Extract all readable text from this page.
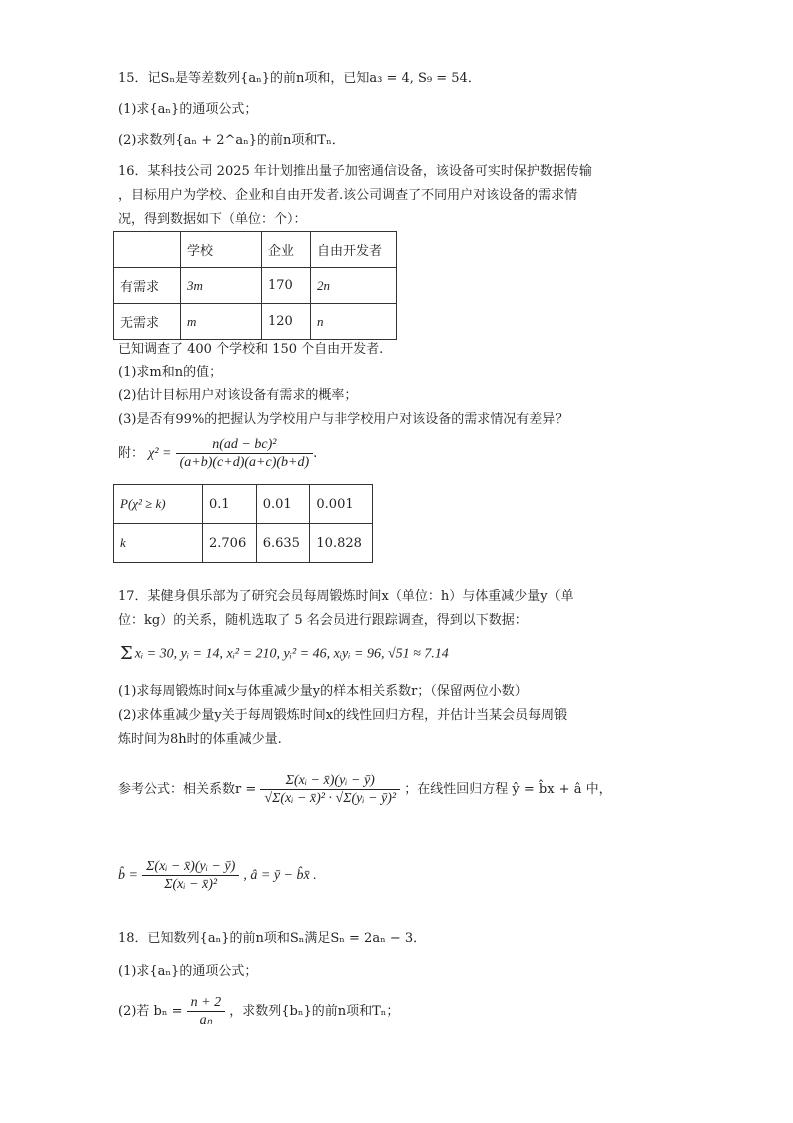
15．记Sₙ是等差数列{aₙ}的前n项和，已知a₃ = 4, S₉ = 54．
(1)求{aₙ}的通项公式；
(2)求数列{aₙ + 2^aₙ}的前n项和Tₙ．
16．某科技公司 2025 年计划推出量子加密通信设备，该设备可实时保护数据传输
，目标用户为学校、企业和自由开发者.该公司调查了不同用户对该设备的需求情
况，得到数据如下（单位：个）：
	学校	企业	自由开发者
有需求	3m	170	2n
无需求	m	120	n
已知调查了 400 个学校和 150 个自由开发者.
(1)求m和n的值；
(2)估计目标用户对该设备有需求的概率；
(3)是否有99%的把握认为学校用户与非学校用户对该设备的需求情况有差异？
附： $\chi^2 = \frac{\text{n(ad − bc)²}}{(a+b)(c+d)(a+c)(b+d)}$ .
P(χ² ≥ k)	0.1	0.01	0.001
k	2.706	6.635	10.828
17．某健身俱乐部为了研究会员每周锻炼时间x（单位：h）与体重减少量y（单
位：kg）的关系，随机选取了 5 名会员进行跟踪调查，得到以下数据：
Σ xᵢ = 30, yᵢ = 14, xᵢ² = 210, yᵢ² = 46, xᵢyᵢ = 96, √51 ≈ 7.14
(1)求每周锻炼时间x与体重减少量y的样本相关系数r；（保留两位小数）
(2)求体重减少量y关于每周锻炼时间x的线性回归方程，并估计当某会员每周锻
炼时间为8h时的体重减少量.
参考公式：相关系数$r = \frac{\text{Σ(xᵢ − x̄)(yᵢ − ȳ)}}{\text{√Σ(xᵢ − x̄)² · √Σ(yᵢ − ȳ)²}}$ ；在线性回归方程 ŷ = b̂x + â 中，
b̂ = $\frac{\text{Σ(xᵢ − x̄)(yᵢ − ȳ)}}{\text{Σ(xᵢ − x̄)²}}$ , â = ȳ − b̂x̄ .
18．已知数列{aₙ}的前n项和Sₙ满足Sₙ = 2aₙ − 3．
(1)求{aₙ}的通项公式；
(2)若 $b_n = \frac{n + 2}{\text{aₙ}}$ ，求数列{bₙ}的前n项和Tₙ；
